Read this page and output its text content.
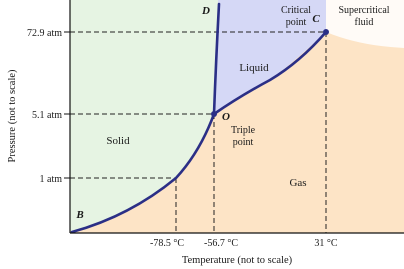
72.9 atm
5.1 atm
1 atm
-78.5 °C -56.7 °C	31 °C
Temperature (not to scale)
Pressure (not to scale)	Solid
Liquid
Gas
Supercritical
fluid
Critical
point C
O
Triple
point
D
B
